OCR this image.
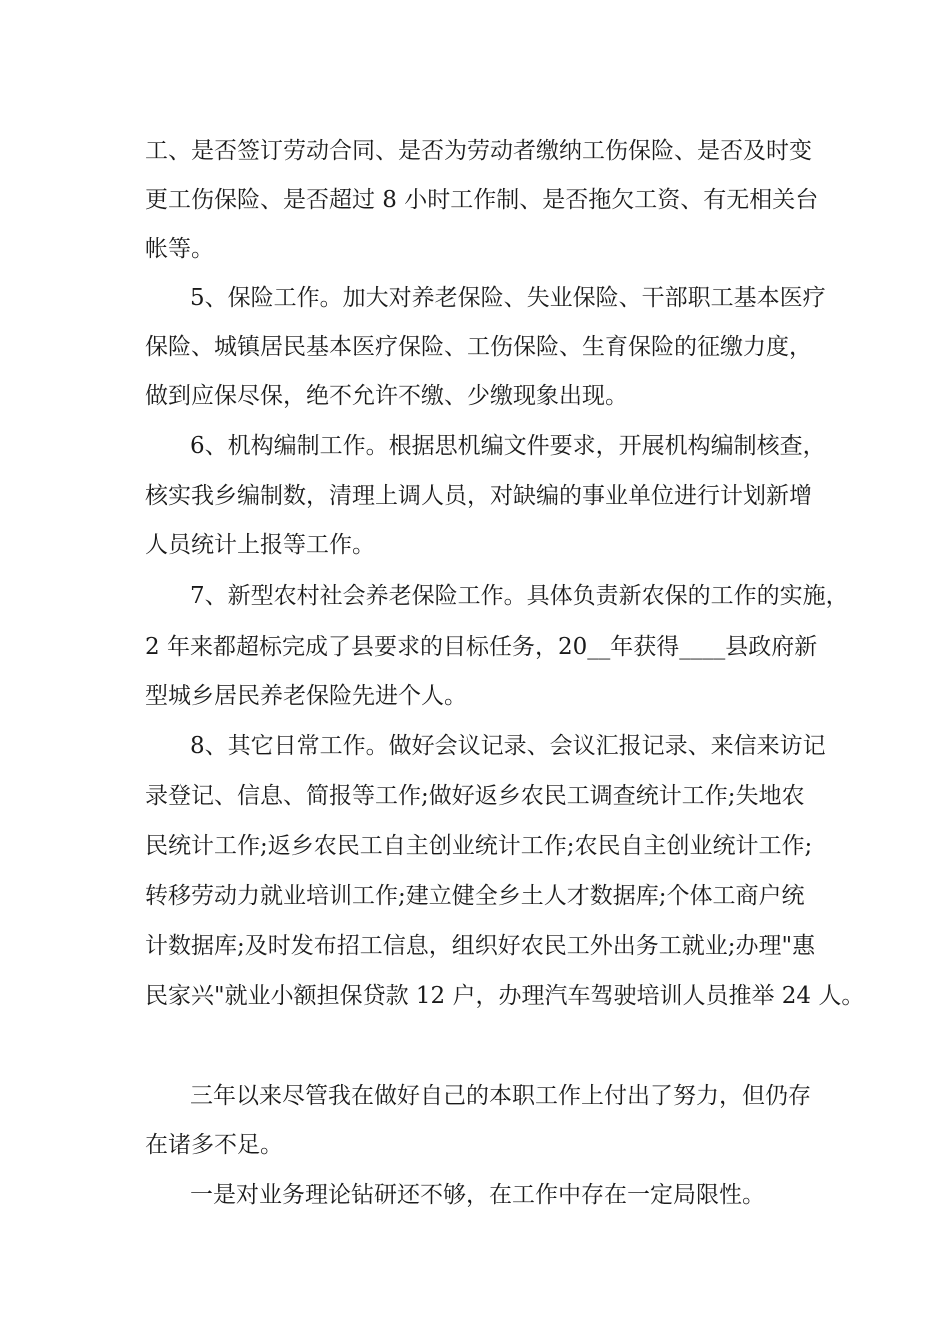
工、是否签订劳动合同、是否为劳动者缴纳工伤保险、是否及时变
更工伤保险、是否超过 8 小时工作制、是否拖欠工资、有无相关台
帐等。
5、保险工作。加大对养老保险、失业保险、干部职工基本医疗
保险、城镇居民基本医疗保险、工伤保险、生育保险的征缴力度，
做到应保尽保，绝不允许不缴、少缴现象出现。
6、机构编制工作。根据思机编文件要求，开展机构编制核查，
核实我乡编制数，清理上调人员，对缺编的事业单位进行计划新增
人员统计上报等工作。
7、新型农村社会养老保险工作。具体负责新农保的工作的实施，
2 年来都超标完成了县要求的目标任务，20__年获得____县政府新
型城乡居民养老保险先进个人。
8、其它日常工作。做好会议记录、会议汇报记录、来信来访记
录登记、信息、简报等工作;做好返乡农民工调查统计工作;失地农
民统计工作;返乡农民工自主创业统计工作;农民自主创业统计工作;
转移劳动力就业培训工作;建立健全乡土人才数据库;个体工商户统
计数据库;及时发布招工信息，组织好农民工外出务工就业;办理"惠
民家兴"就业小额担保贷款 12 户，办理汽车驾驶培训人员推举 24 人。
三年以来尽管我在做好自己的本职工作上付出了努力，但仍存
在诸多不足。
一是对业务理论钻研还不够，在工作中存在一定局限性。
